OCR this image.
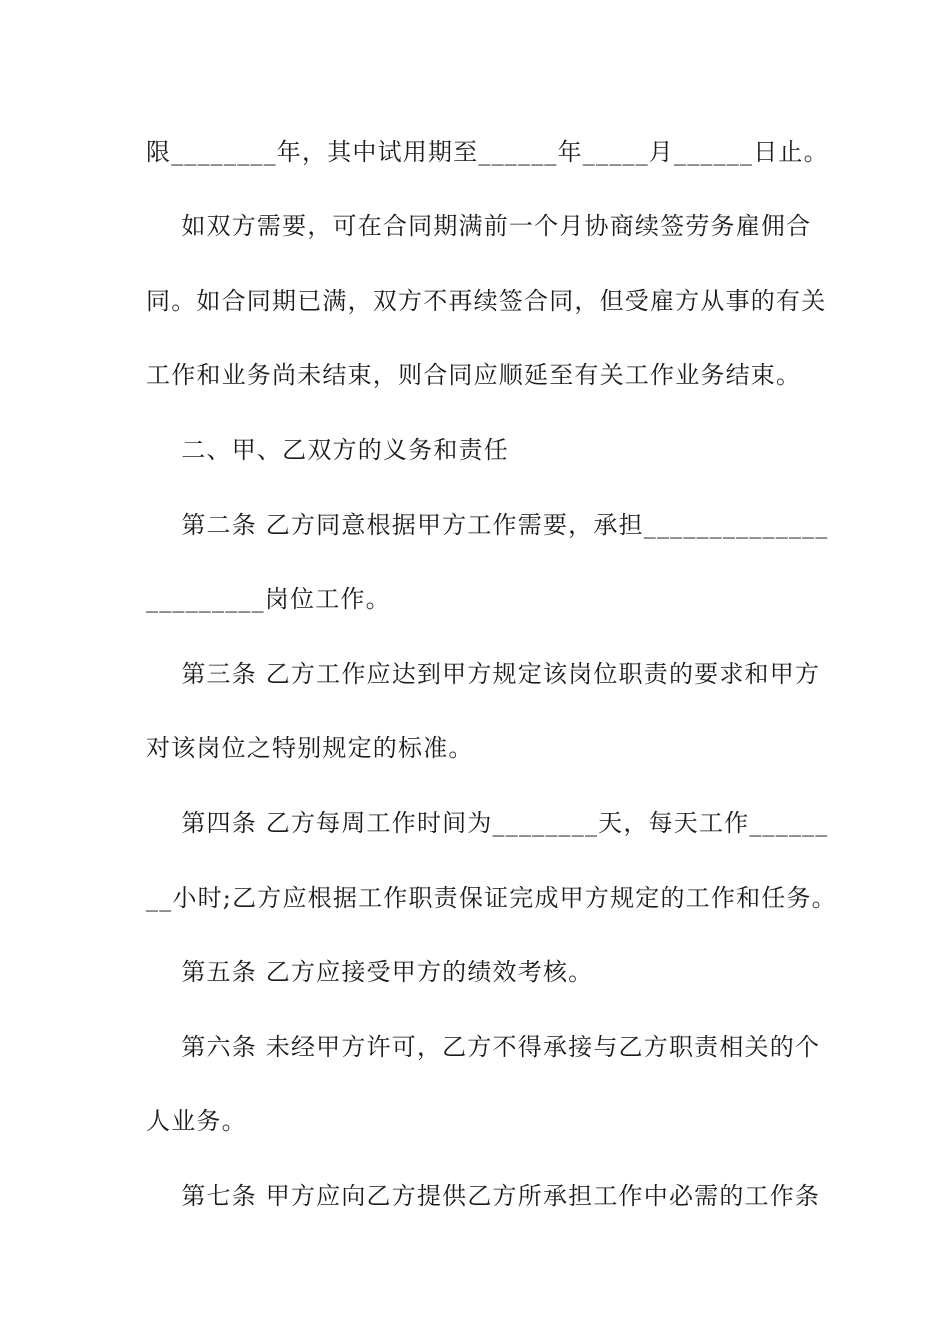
限________年，其中试用期至______年_____月______日止。
如双方需要，可在合同期满前一个月协商续签劳务雇佣合
同。如合同期已满，双方不再续签合同，但受雇方从事的有关
工作和业务尚未结束，则合同应顺延至有关工作业务结束。
二、甲、乙双方的义务和责任
第二条 乙方同意根据甲方工作需要，承担______________
_________岗位工作。
第三条 乙方工作应达到甲方规定该岗位职责的要求和甲方
对该岗位之特别规定的标准。
第四条 乙方每周工作时间为________天，每天工作______
__小时;乙方应根据工作职责保证完成甲方规定的工作和任务。
第五条 乙方应接受甲方的绩效考核。
第六条 未经甲方许可，乙方不得承接与乙方职责相关的个
人业务。
第七条 甲方应向乙方提供乙方所承担工作中必需的工作条
